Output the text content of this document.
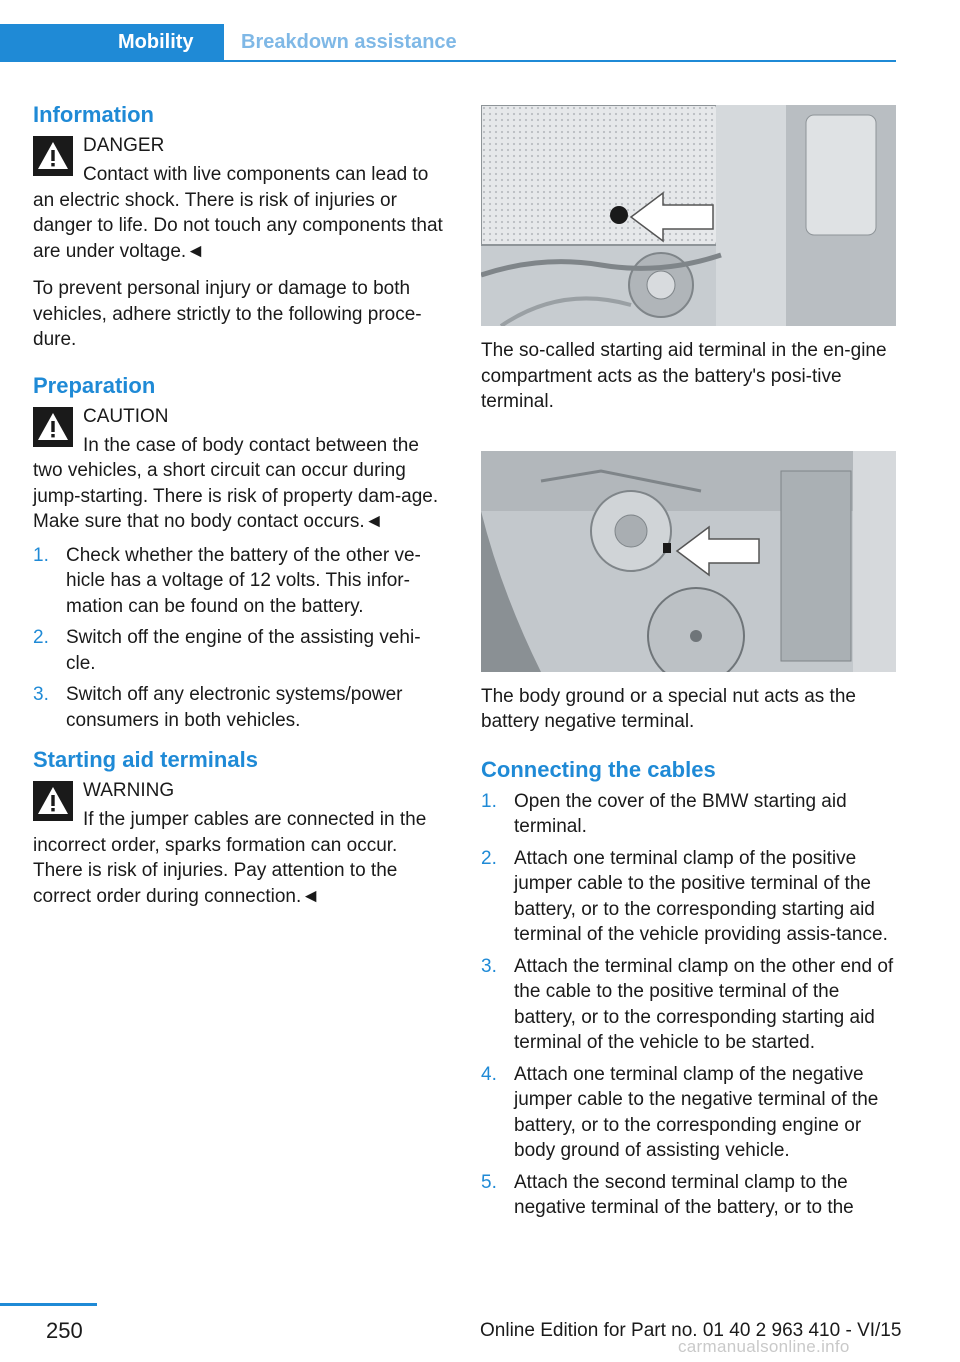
Mobility	Breakdown assistance
Information
DANGER

Contact with live components can lead to

an electric shock. There is risk of injuries or danger to life. Do not touch any components that are under voltage.◄

To prevent personal injury or damage to both vehicles, adhere strictly to the following proce-dure.

Preparation
CAUTION

In the case of body contact between the

two vehicles, a short circuit can occur during jump-starting. There is risk of property dam-age. Make sure that no body contact occurs.◄

1. Check whether the battery of the other ve-hicle has a voltage of 12 volts. This infor-mation can be found on the battery.
2. Switch off the engine of the assisting vehi-cle.
3. Switch off any electronic systems/power consumers in both vehicles.
Starting aid terminals
WARNING

If the jumper cables are connected in the

incorrect order, sparks formation can occur. There is risk of injuries. Pay attention to the correct order during connection.◄

The so-called starting aid terminal in the en-gine compartment acts as the battery's posi-tive terminal.

The body ground or a special nut acts as the battery negative terminal.

Connecting the cables
1. Open the cover of the BMW starting aid terminal.
2. Attach one terminal clamp of the positive jumper cable to the positive terminal of the battery, or to the corresponding starting aid terminal of the vehicle providing assis-tance.
3. Attach the terminal clamp on the other end of the cable to the positive terminal of the battery, or to the corresponding starting aid terminal of the vehicle to be started.
4. Attach one terminal clamp of the negative jumper cable to the negative terminal of the battery, or to the corresponding engine or body ground of assisting vehicle.
5. Attach the second terminal clamp to the negative terminal of the battery, or to the
250	Online Edition for Part no. 01 40 2 963 410 - VI/15
carmanualsonline.info
